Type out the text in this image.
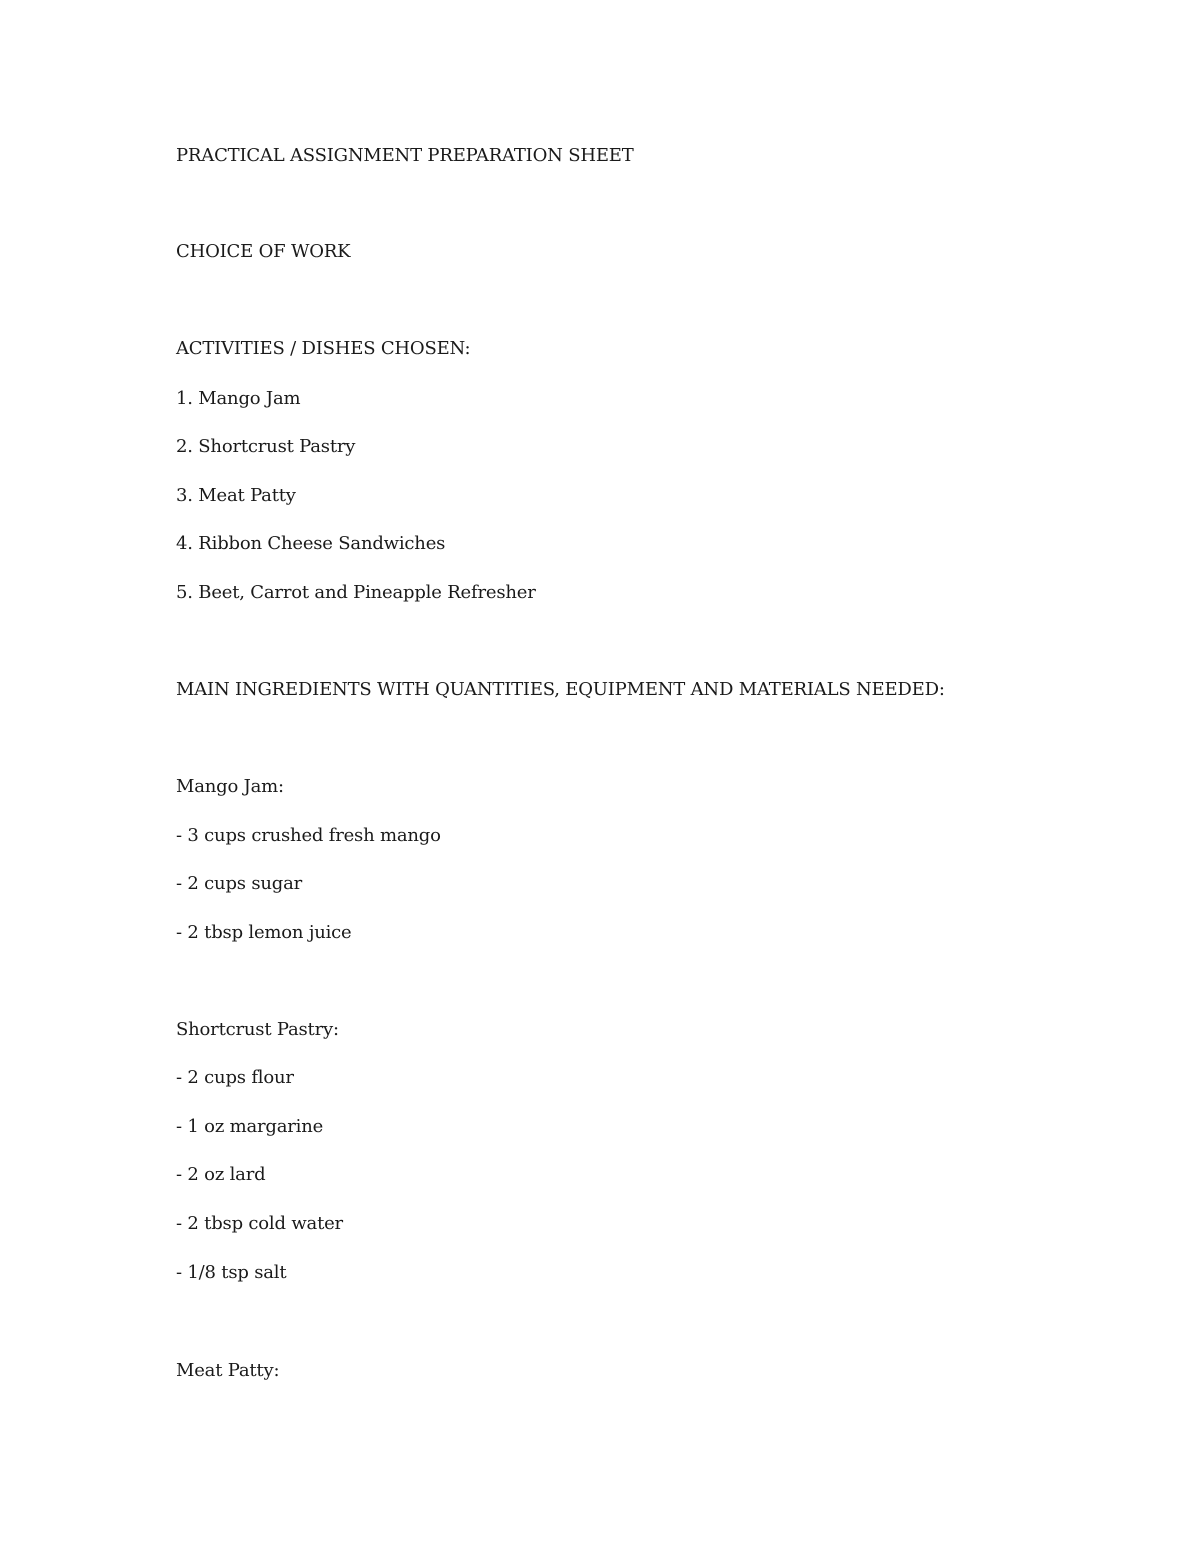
PRACTICAL ASSIGNMENT PREPARATION SHEET
CHOICE OF WORK
ACTIVITIES / DISHES CHOSEN:
1. Mango Jam
2. Shortcrust Pastry
3. Meat Patty
4. Ribbon Cheese Sandwiches
5. Beet, Carrot and Pineapple Refresher
MAIN INGREDIENTS WITH QUANTITIES, EQUIPMENT AND MATERIALS NEEDED:
Mango Jam:
- 3 cups crushed fresh mango
- 2 cups sugar
- 2 tbsp lemon juice
Shortcrust Pastry:
- 2 cups flour
- 1 oz margarine
- 2 oz lard
- 2 tbsp cold water
- 1/8 tsp salt
Meat Patty:
